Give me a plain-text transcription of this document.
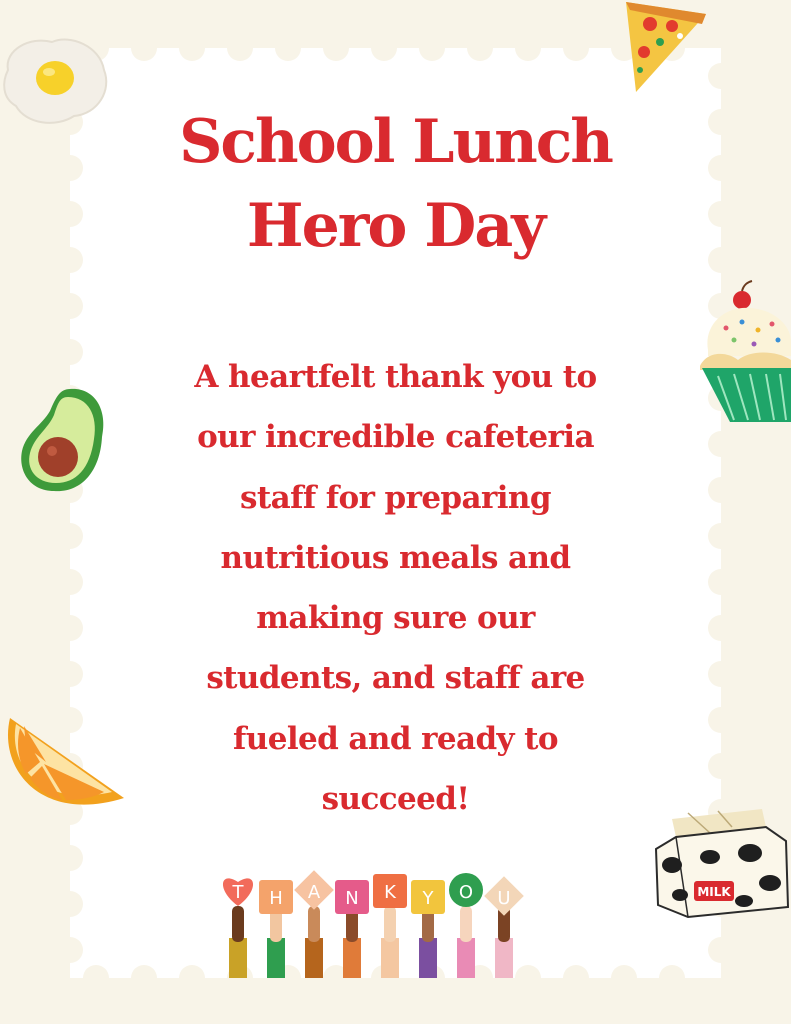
School Lunch
Hero Day
A heartfelt thank you to
our incredible cafeteria
staff for preparing
nutritious meals and
making sure our
students, and staff are
fueled and ready to
succeed!
MILK
T H A N K Y O U
